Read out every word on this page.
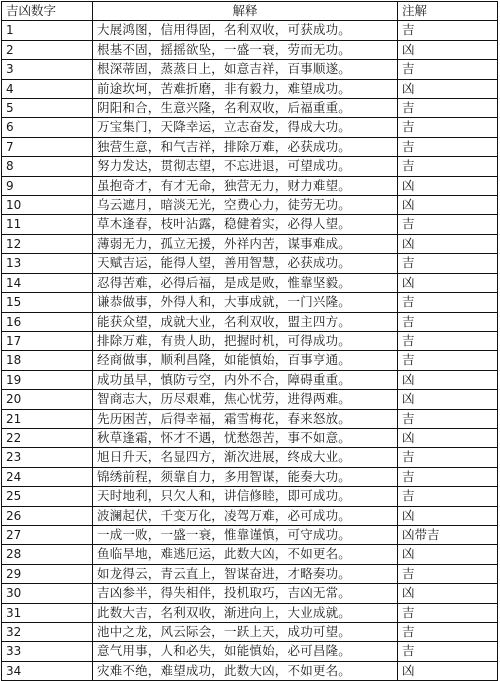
吉凶数字	解释	注解
1	大展鸿图，信用得固，名利双收，可获成功。	吉
2	根基不固，摇摇欲坠，一盛一衰，劳而无功。	凶
3	根深蒂固，蒸蒸日上，如意吉祥，百事顺遂。	吉
4	前途坎坷，苦难折磨，非有毅力，难望成功。	凶
5	阴阳和合，生意兴隆，名利双收，后福重重。	吉
6	万宝集门，天降幸运，立志奋发，得成大功。	吉
7	独营生意，和气吉祥，排除万难，必获成功。	吉
8	努力发达，贯彻志望，不忘进退，可望成功。	吉
9	虽抱奇才，有才无命，独营无力，财力难望。	凶
10	乌云遮月，暗淡无光，空费心力，徒劳无功。	凶
11	草木逢春，枝叶沾露，稳健着实，必得人望。	吉
12	薄弱无力，孤立无援，外祥内苦，谋事难成。	凶
13	天赋吉运，能得人望，善用智慧，必获成功。	吉
14	忍得苦难，必得后福，是成是败，惟靠坚毅。	凶
15	谦恭做事，外得人和，大事成就，一门兴隆。	吉
16	能获众望，成就大业，名利双收，盟主四方。	吉
17	排除万难，有贵人助，把握时机，可得成功。	吉
18	经商做事，顺利昌隆，如能慎始，百事亨通。	吉
19	成功虽早，慎防亏空，内外不合，障碍重重。	凶
20	智商志大，历尽艰难，焦心忧劳，进得两难。	凶
21	先历困苦，后得幸福，霜雪梅花，春来怒放。	吉
22	秋草逢霜，怀才不遇，忧愁怨苦，事不如意。	凶
23	旭日升天，名显四方，渐次进展，终成大业。	吉
24	锦绣前程，须靠自力，多用智谋，能奏大功。	吉
25	天时地利，只欠人和，讲信修睦，即可成功。	吉
26	波澜起伏，千变万化，凌驾万难，必可成功。	凶
27	一成一败，一盛一衰，惟靠谨慎，可守成功。	凶带吉
28	鱼临旱地，难逃厄运，此数大凶，不如更名。	凶
29	如龙得云，青云直上，智谋奋进，才略奏功。	吉
30	吉凶参半，得失相伴，投机取巧，吉凶无常。	凶
31	此数大吉，名利双收，渐进向上，大业成就。	吉
32	池中之龙，风云际会，一跃上天，成功可望。	吉
33	意气用事，人和必失，如能慎始，必可昌隆。	吉
34	灾难不绝，难望成功，此数大凶，不如更名。	凶
